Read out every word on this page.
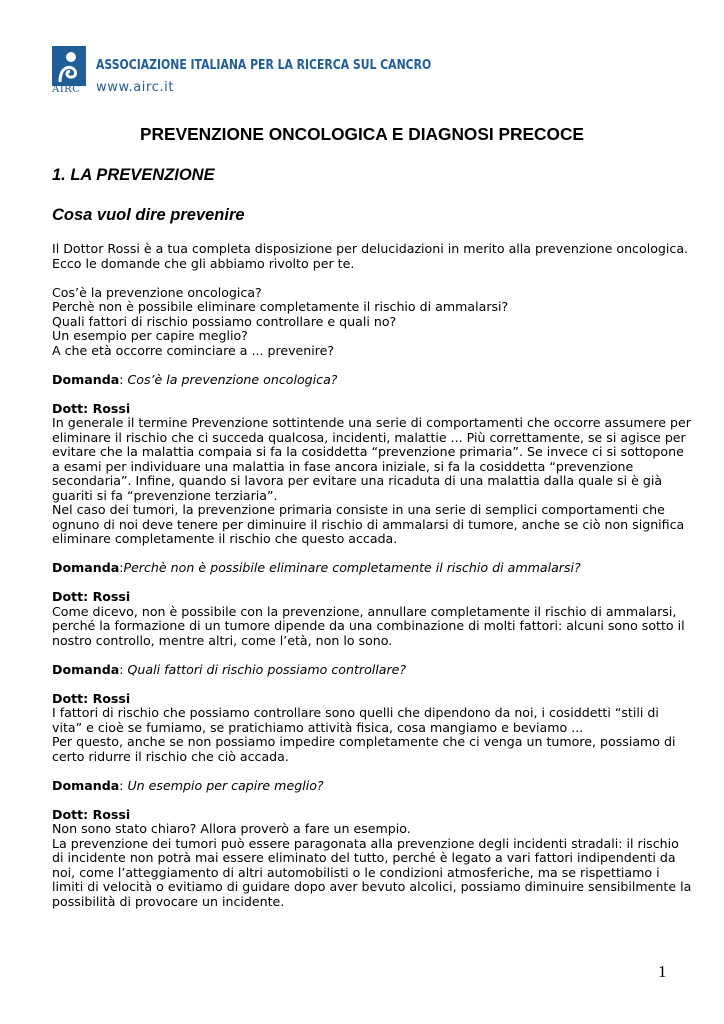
AIRC
ASSOCIAZIONE ITALIANA PER LA RICERCA SUL CANCRO
www.airc.it
PREVENZIONE ONCOLOGICA E DIAGNOSI PRECOCE
1. LA PREVENZIONE
Cosa vuol dire prevenire
Il Dottor Rossi è a tua completa disposizione per delucidazioni in merito alla prevenzione oncologica.
Ecco le domande che gli abbiamo rivolto per te.
Cos’è la prevenzione oncologica?
Perchè non è possibile eliminare completamente il rischio di ammalarsi?
Quali fattori di rischio possiamo controllare e quali no?
Un esempio per capire meglio?
A che età occorre cominciare a ... prevenire?
Domanda: Cos’è la prevenzione oncologica?
Dott: Rossi
In generale il termine Prevenzione sottintende una serie di comportamenti che occorre assumere per
eliminare il rischio che ci succeda qualcosa, incidenti, malattie ... Più correttamente, se si agisce per
evitare che la malattia compaia si fa la cosiddetta “prevenzione primaria”. Se invece ci si sottopone
a esami per individuare una malattia in fase ancora iniziale, si fa la cosiddetta “prevenzione
secondaria”. Infine, quando si lavora per evitare una ricaduta di una malattia dalla quale si è già
guariti si fa “prevenzione terziaria”.
Nel caso dei tumori, la prevenzione primaria consiste in una serie di semplici comportamenti che
ognuno di noi deve tenere per diminuire il rischio di ammalarsi di tumore, anche se ciò non significa
eliminare completamente il rischio che questo accada.
Domanda:Perchè non è possibile eliminare completamente il rischio di ammalarsi?
Dott: Rossi
Come dicevo, non è possibile con la prevenzione, annullare completamente il rischio di ammalarsi,
perché la formazione di un tumore dipende da una combinazione di molti fattori: alcuni sono sotto il
nostro controllo, mentre altri, come l’età, non lo sono.
Domanda: Quali fattori di rischio possiamo controllare?
Dott: Rossi
I fattori di rischio che possiamo controllare sono quelli che dipendono da noi, i cosiddetti “stili di
vita” e cioè se fumiamo, se pratichiamo attività fisica, cosa mangiamo e beviamo ...
Per questo, anche se non possiamo impedire completamente che ci venga un tumore, possiamo di
certo ridurre il rischio che ciò accada.
Domanda: Un esempio per capire meglio?
Dott: Rossi
Non sono stato chiaro? Allora proverò a fare un esempio.
La prevenzione dei tumori può essere paragonata alla prevenzione degli incidenti stradali: il rischio
di incidente non potrà mai essere eliminato del tutto, perché è legato a vari fattori indipendenti da
noi, come l’atteggiamento di altri automobilisti o le condizioni atmosferiche, ma se rispettiamo i
limiti di velocità o evitiamo di guidare dopo aver bevuto alcolici, possiamo diminuire sensibilmente la
possibilità di provocare un incidente.
1
